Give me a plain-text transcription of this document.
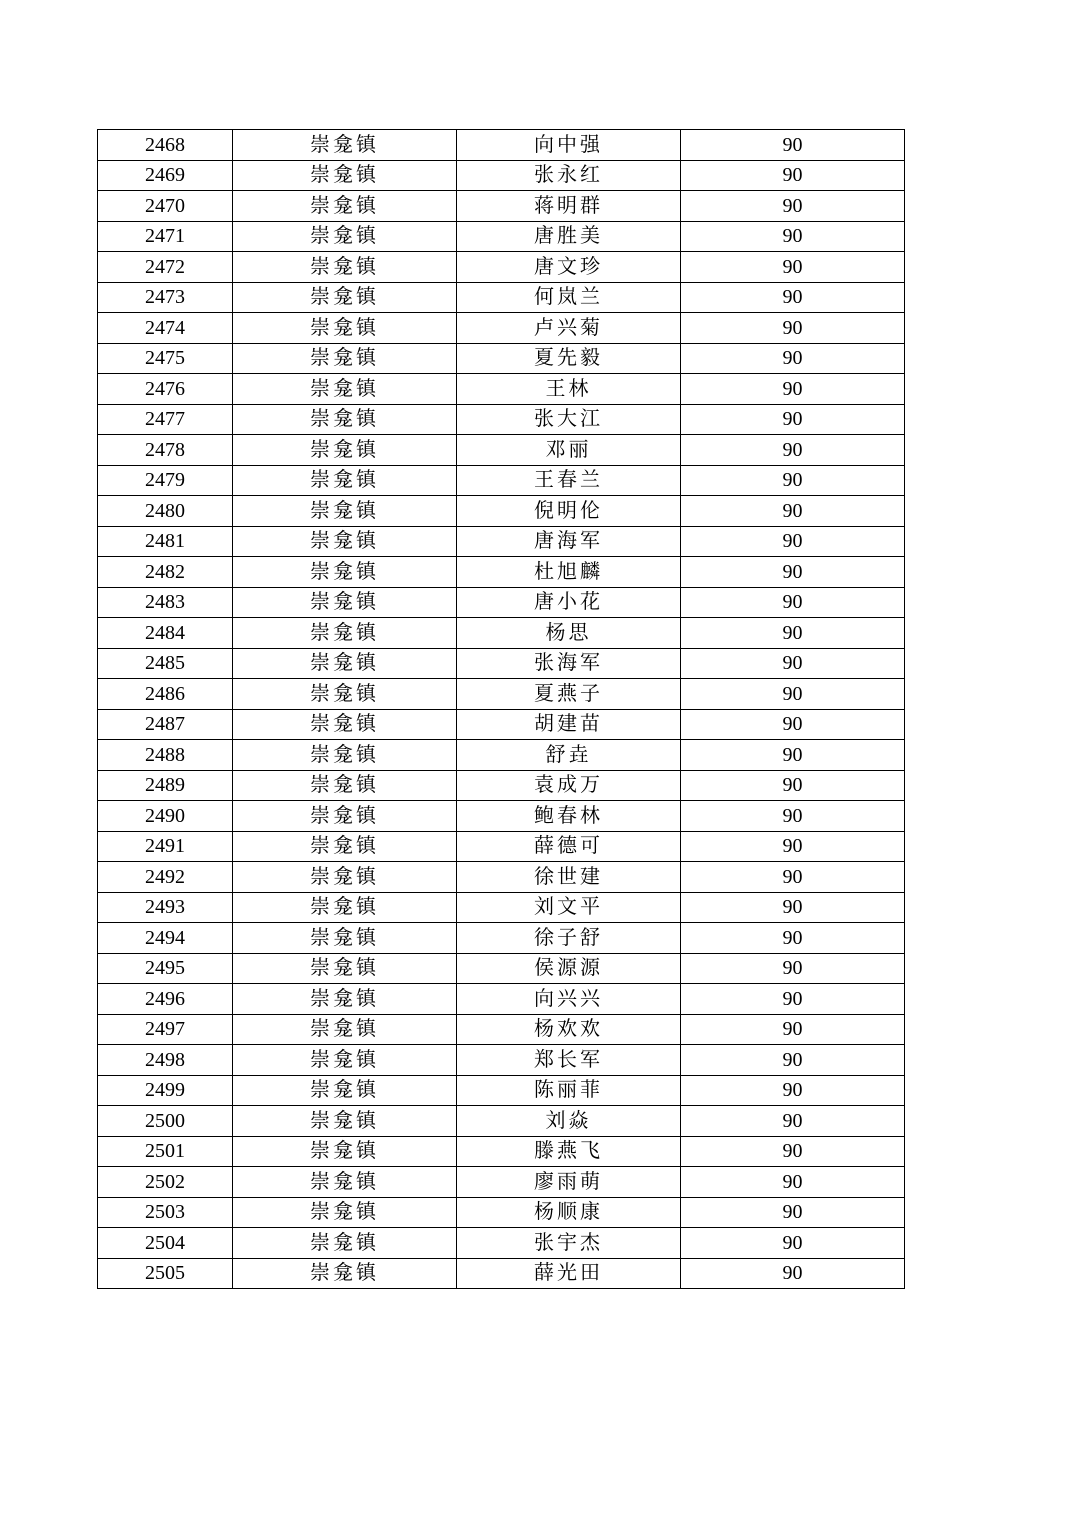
2468	崇龛镇	向中强	90
2469	崇龛镇	张永红	90
2470	崇龛镇	蒋明群	90
2471	崇龛镇	唐胜美	90
2472	崇龛镇	唐文珍	90
2473	崇龛镇	何岚兰	90
2474	崇龛镇	卢兴菊	90
2475	崇龛镇	夏先毅	90
2476	崇龛镇	王林	90
2477	崇龛镇	张大江	90
2478	崇龛镇	邓丽	90
2479	崇龛镇	王春兰	90
2480	崇龛镇	倪明伦	90
2481	崇龛镇	唐海军	90
2482	崇龛镇	杜旭麟	90
2483	崇龛镇	唐小花	90
2484	崇龛镇	杨思	90
2485	崇龛镇	张海军	90
2486	崇龛镇	夏燕子	90
2487	崇龛镇	胡建苗	90
2488	崇龛镇	舒垚	90
2489	崇龛镇	袁成万	90
2490	崇龛镇	鲍春林	90
2491	崇龛镇	薛德可	90
2492	崇龛镇	徐世建	90
2493	崇龛镇	刘文平	90
2494	崇龛镇	徐子舒	90
2495	崇龛镇	侯源源	90
2496	崇龛镇	向兴兴	90
2497	崇龛镇	杨欢欢	90
2498	崇龛镇	郑长军	90
2499	崇龛镇	陈丽菲	90
2500	崇龛镇	刘焱	90
2501	崇龛镇	滕燕飞	90
2502	崇龛镇	廖雨萌	90
2503	崇龛镇	杨顺康	90
2504	崇龛镇	张宇杰	90
2505	崇龛镇	薛光田	90
